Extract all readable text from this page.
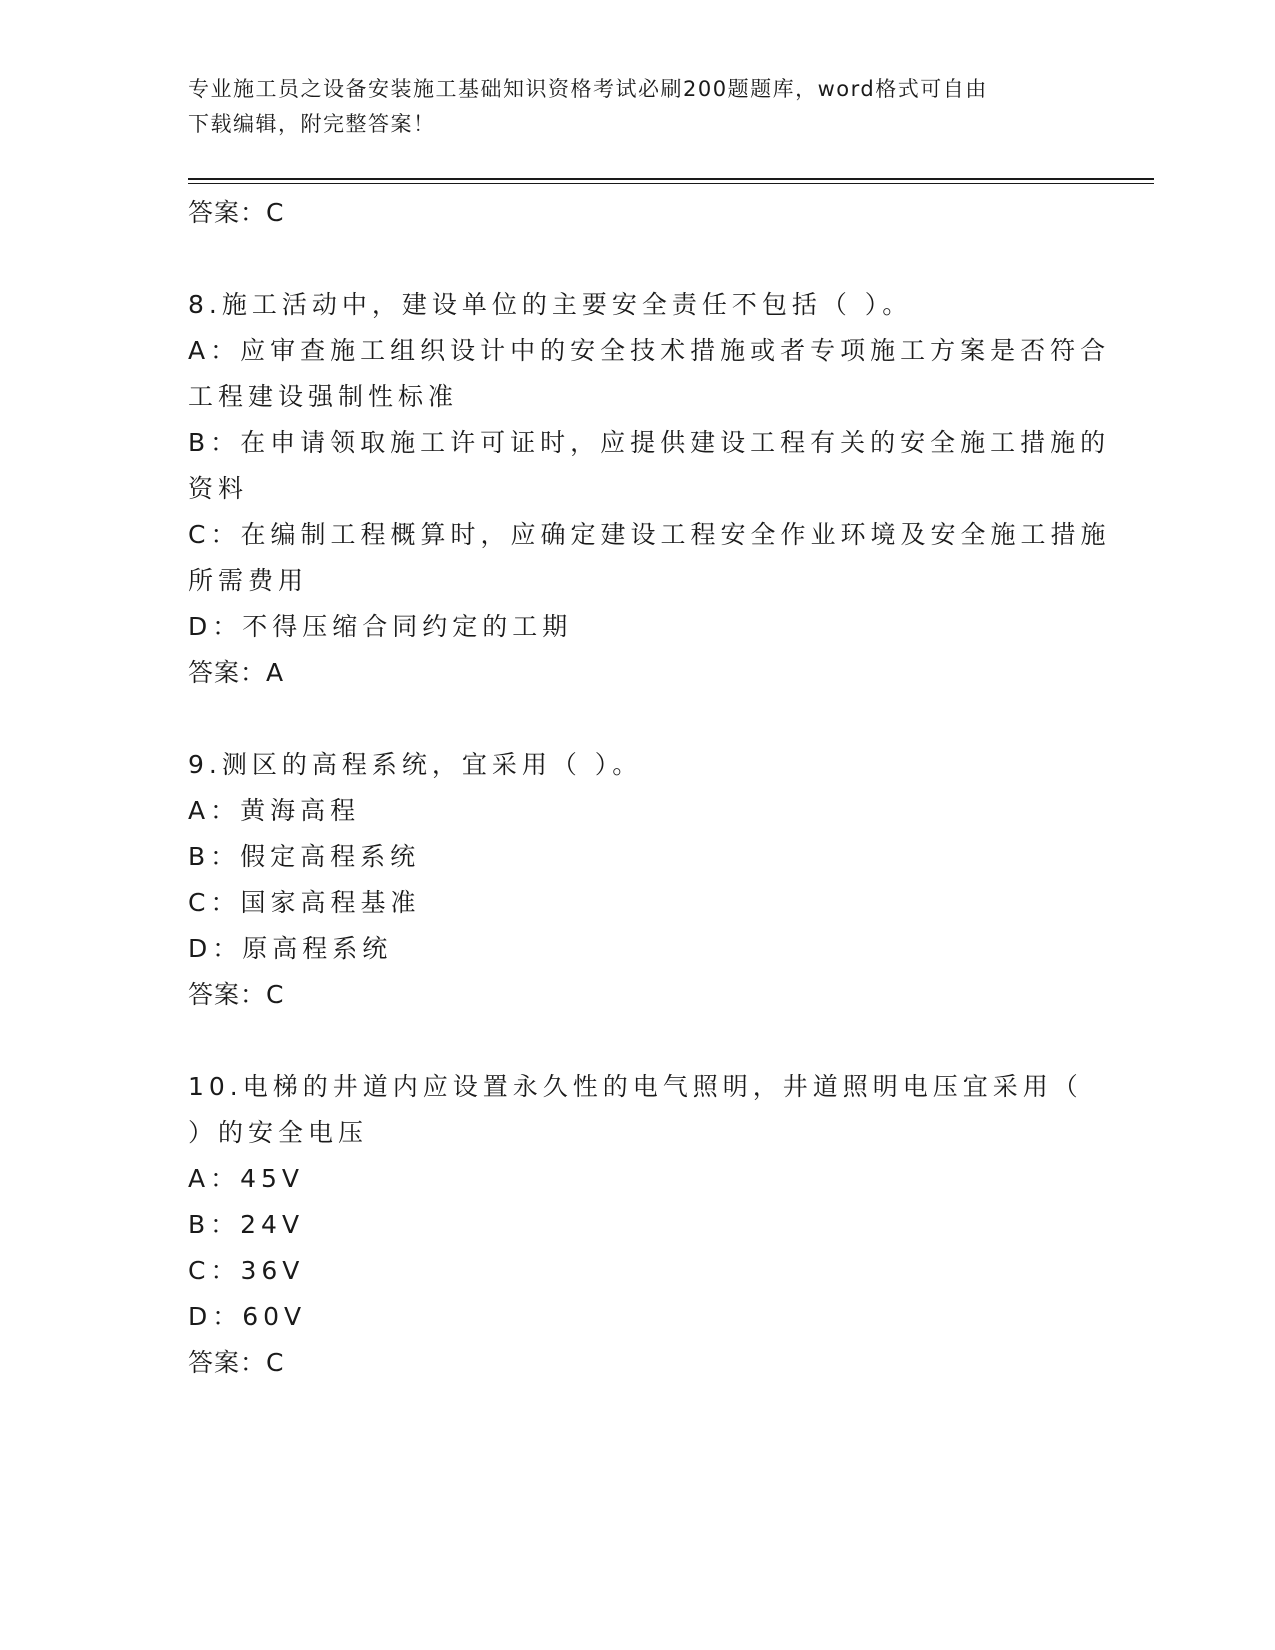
专业施工员之设备安装施工基础知识资格考试必刷200题题库，word格式可自由
下载编辑，附完整答案！
答案：C
8.施工活动中，建设单位的主要安全责任不包括（ ）。
A：应审查施工组织设计中的安全技术措施或者专项施工方案是否符合
工程建设强制性标准
B：在申请领取施工许可证时，应提供建设工程有关的安全施工措施的
资料
C：在编制工程概算时，应确定建设工程安全作业环境及安全施工措施
所需费用
D：不得压缩合同约定的工期
答案：A
9.测区的高程系统，宜采用（ ）。
A：黄海高程
B：假定高程系统
C：国家高程基准
D：原高程系统
答案：C
10.电梯的井道内应设置永久性的电气照明，井道照明电压宜采用（
）的安全电压
A：45V
B：24V
C：36V
D：60V
答案：C
